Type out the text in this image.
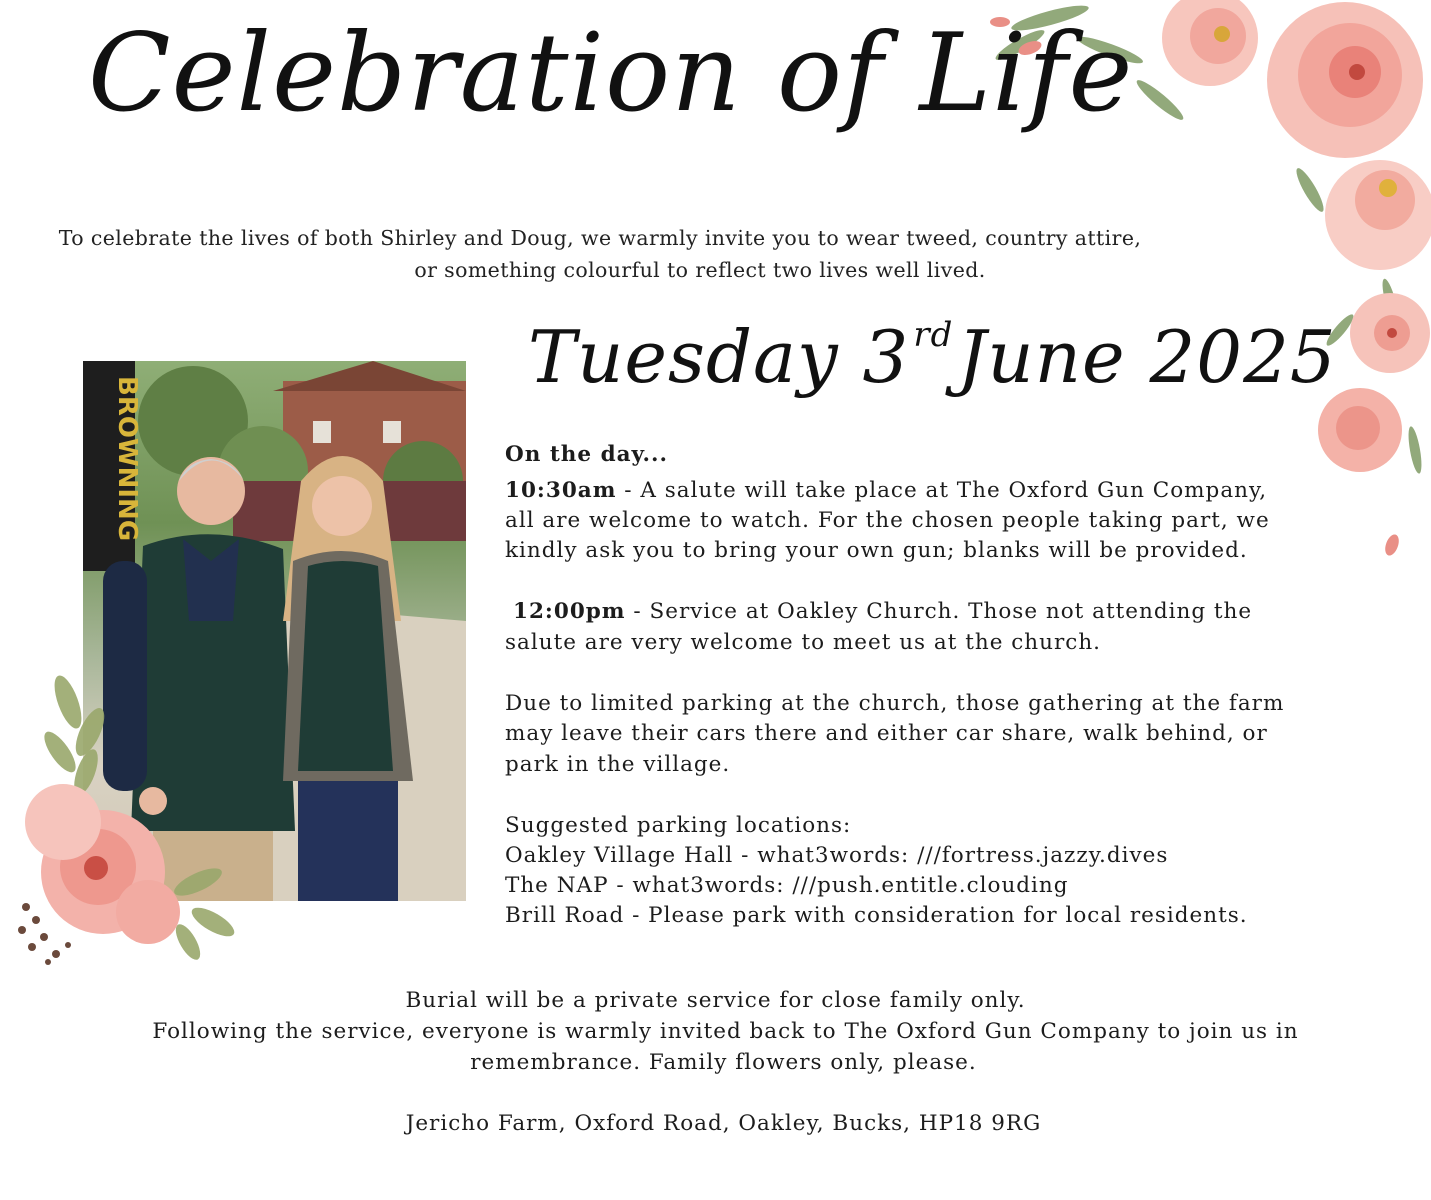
Celebration of Life
To celebrate the lives of both Shirley and Doug, we warmly invite you to wear tweed, country attire,
or something colourful to reflect two lives well lived.
Tuesday 3 $^{rd}$June 2025
BROWNING	On the day...
10:30am - A salute will take place at The Oxford Gun Company,
all are welcome to watch. For the chosen people taking part, we
kindly ask you to bring your own gun; blanks will be provided.
12:00pm - Service at Oakley Church. Those not attending the
salute are very welcome to meet us at the church.
Due to limited parking at the church, those gathering at the farm
may leave their cars there and either car share, walk behind, or
park in the village.
Suggested parking locations:
Oakley Village Hall - what3words: ///fortress.jazzy.dives
The NAP - what3words: ///push.entitle.clouding
Brill Road - Please park with consideration for local residents.
Burial will be a private service for close family only.
Following the service, everyone is warmly invited back to The Oxford Gun Company to join us in
remembrance. Family flowers only, please.
Jericho Farm, Oxford Road, Oakley, Bucks, HP18 9RG
